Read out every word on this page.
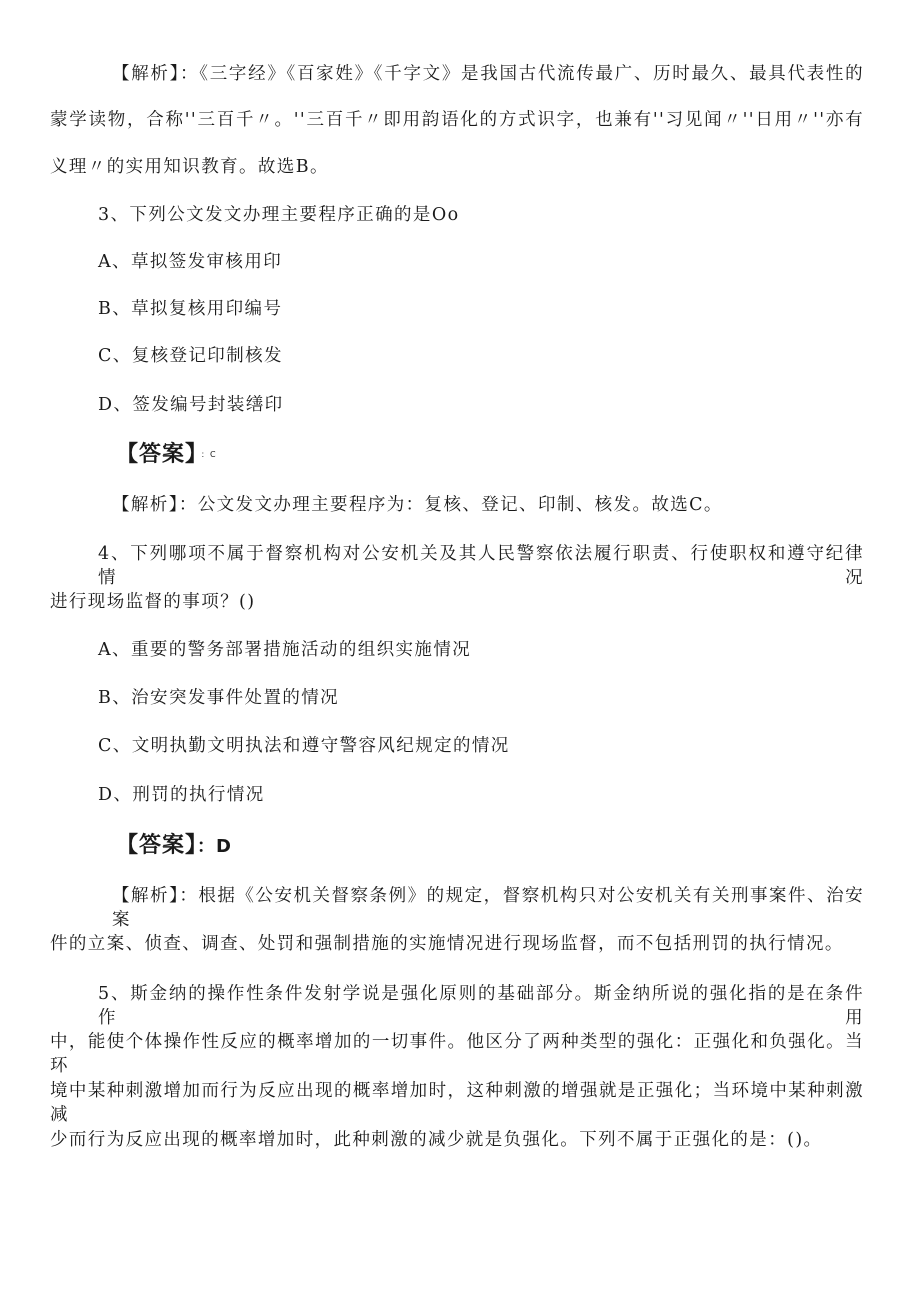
【解析】：《三字经》《百家姓》《千字文》是我国古代流传最广、历时最久、最具代表性的
蒙学读物，合称''三百千〃。''三百千〃即用韵语化的方式识字，也兼有''习见闻〃''日用〃''亦有
义理〃的实用知识教育。故选B。
3、下列公文发文办理主要程序正确的是Oo
A、草拟签发审核用印
B、草拟复核用印编号
C、复核登记印制核发
D、签发编号封装缮印
【答案】 ：C
【解析】：公文发文办理主要程序为：复核、登记、印制、核发。故选C。
4、下列哪项不属于督察机构对公安机关及其人民警察依法履行职责、行使职权和遵守纪律情况
进行现场监督的事项？()
A、重要的警务部署措施活动的组织实施情况
B、治安突发事件处置的情况
C、文明执勤文明执法和遵守警容风纪规定的情况
D、刑罚的执行情况
【答案】：D
【解析】：根据《公安机关督察条例》的规定，督察机构只对公安机关有关刑事案件、治安案
件的立案、侦查、调查、处罚和强制措施的实施情况进行现场监督，而不包括刑罚的执行情况。
5、斯金纳的操作性条件发射学说是强化原则的基础部分。斯金纳所说的强化指的是在条件作用
中，能使个体操作性反应的概率增加的一切事件。他区分了两种类型的强化：正强化和负强化。当环
境中某种刺激增加而行为反应出现的概率增加时，这种刺激的增强就是正强化；当环境中某种刺激减
少而行为反应出现的概率增加时，此种刺激的减少就是负强化。下列不属于正强化的是：()。
